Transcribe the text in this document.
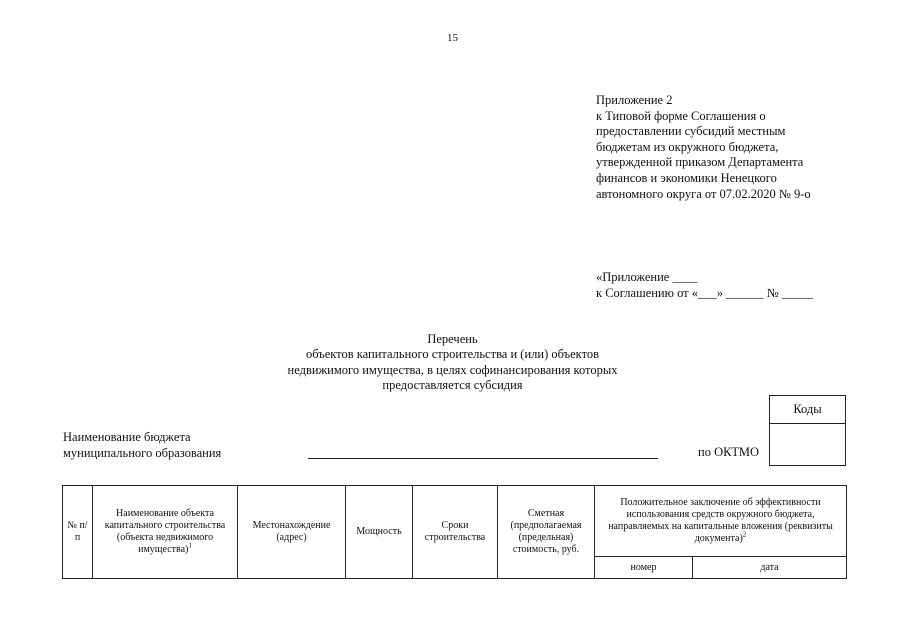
15
Приложение 2
к Типовой форме Соглашения о
предоставлении субсидий местным
бюджетам из окружного бюджета,
утвержденной приказом Департамента
финансов и экономики Ненецкого
автономного округа от 07.02.2020 № 9-о
«Приложение ____
к Соглашению от «___» ______ № _____
Перечень
объектов капитального строительства и (или) объектов
недвижимого имущества, в целях софинансирования которых
предоставляется субсидия
Коды
Наименование бюджета
муниципального образования	по ОКТМО
№ п/п	Наименование объекта капитального строительства (объекта недвижимого имущества)$^1$	Местонахождение (адрес)	Мощность	Сроки строительства	Сметная (предполагаемая (предельная) стоимость, руб.	Положительное заключение об эффективности использования средств окружного бюджета, направляемых на капитальные вложения (реквизиты документа)$^2$
						номер	дата
